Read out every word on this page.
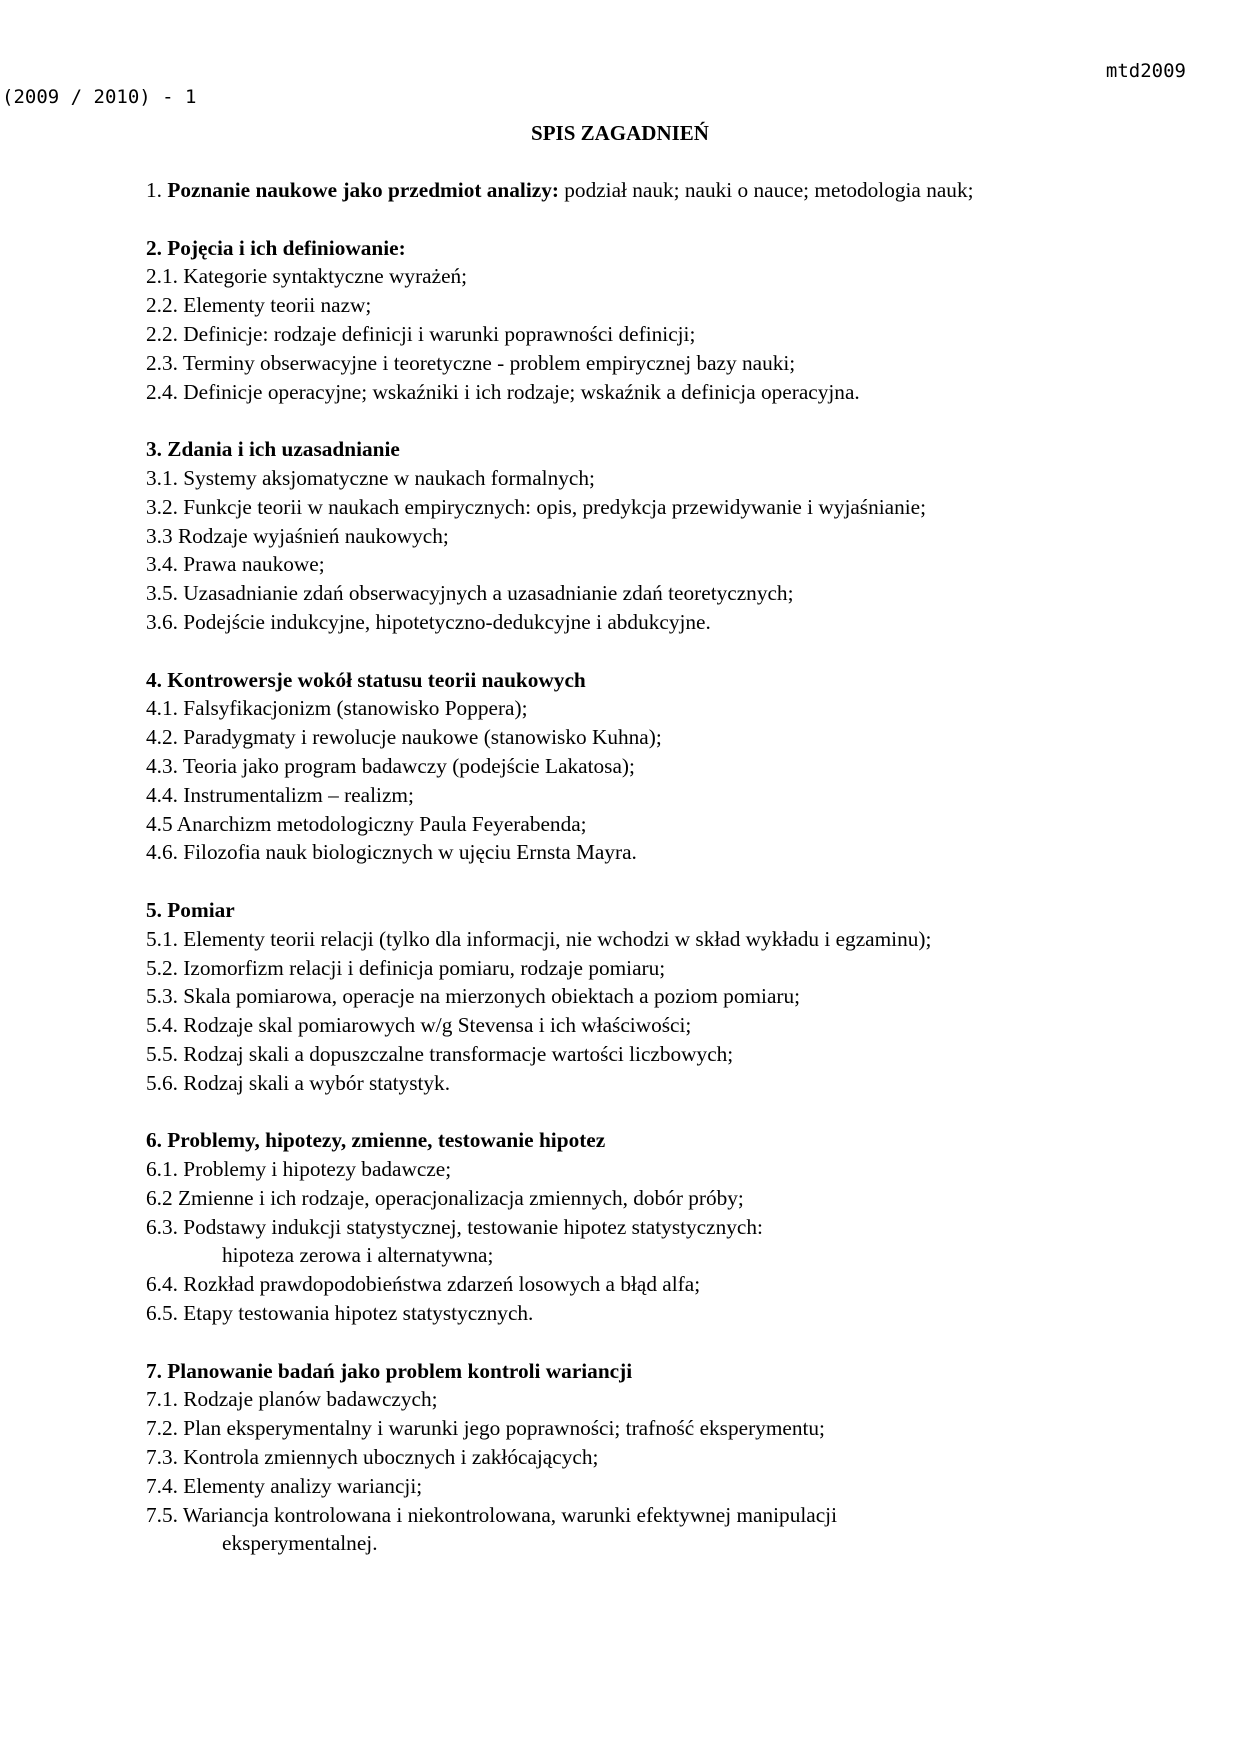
mtd2009
(2009 / 2010) - 1
SPIS ZAGADNIEŃ
1. Poznanie naukowe jako przedmiot analizy: podział nauk; nauki o nauce; metodologia nauk;
2. Pojęcia i ich definiowanie:
2.1. Kategorie syntaktyczne wyrażeń;
2.2. Elementy teorii nazw;
2.2. Definicje: rodzaje definicji i warunki poprawności definicji;
2.3. Terminy obserwacyjne i teoretyczne - problem empirycznej bazy nauki;
2.4. Definicje operacyjne; wskaźniki i ich rodzaje; wskaźnik a definicja operacyjna.
3. Zdania i ich uzasadnianie
3.1. Systemy aksjomatyczne w naukach formalnych;
3.2. Funkcje teorii w naukach empirycznych: opis, predykcja przewidywanie i wyjaśnianie;
3.3 Rodzaje wyjaśnień naukowych;
3.4. Prawa naukowe;
3.5. Uzasadnianie zdań obserwacyjnych a uzasadnianie zdań teoretycznych;
3.6. Podejście indukcyjne, hipotetyczno-dedukcyjne i abdukcyjne.
4. Kontrowersje wokół statusu teorii naukowych
4.1. Falsyfikacjonizm (stanowisko Poppera);
4.2. Paradygmaty i rewolucje naukowe (stanowisko Kuhna);
4.3. Teoria jako program badawczy (podejście Lakatosa);
4.4. Instrumentalizm – realizm;
4.5 Anarchizm metodologiczny Paula Feyerabenda;
4.6. Filozofia nauk biologicznych w ujęciu Ernsta Mayra.
5. Pomiar
5.1. Elementy teorii relacji (tylko dla informacji, nie wchodzi w skład wykładu i egzaminu);
5.2. Izomorfizm relacji i definicja pomiaru, rodzaje pomiaru;
5.3. Skala pomiarowa, operacje na mierzonych obiektach a poziom pomiaru;
5.4. Rodzaje skal pomiarowych w/g Stevensa i ich właściwości;
5.5. Rodzaj skali a dopuszczalne transformacje wartości liczbowych;
5.6. Rodzaj skali a wybór statystyk.
6. Problemy, hipotezy, zmienne, testowanie hipotez
6.1. Problemy i hipotezy badawcze;
6.2 Zmienne i ich rodzaje, operacjonalizacja zmiennych, dobór próby;
6.3. Podstawy indukcji statystycznej, testowanie hipotez statystycznych:
hipoteza zerowa i alternatywna;
6.4. Rozkład prawdopodobieństwa zdarzeń losowych a błąd alfa;
6.5. Etapy testowania hipotez statystycznych.
7. Planowanie badań jako problem kontroli wariancji
7.1. Rodzaje planów badawczych;
7.2. Plan eksperymentalny i warunki jego poprawności; trafność eksperymentu;
7.3. Kontrola zmiennych ubocznych i zakłócających;
7.4. Elementy analizy wariancji;
7.5. Wariancja kontrolowana i niekontrolowana, warunki efektywnej manipulacji
eksperymentalnej.
